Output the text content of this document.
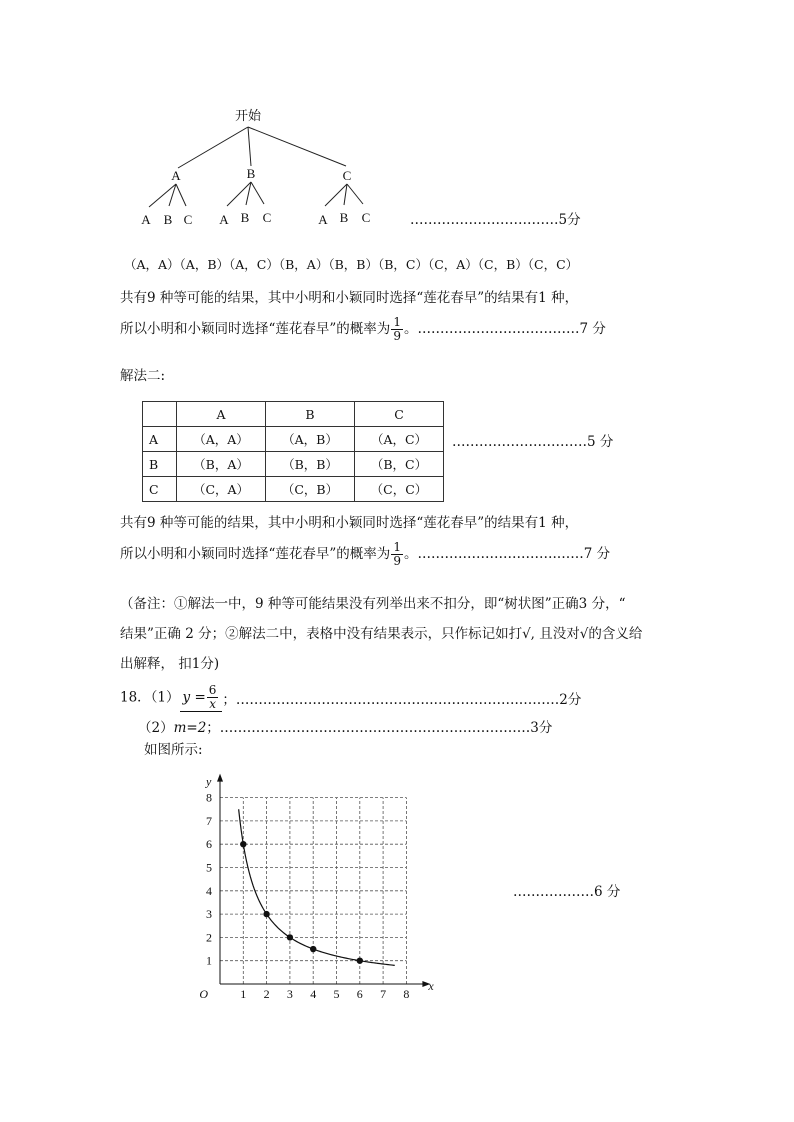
开始
A	B	C
A B C A B C	A B C	……………………………5分
（A，A）（A，B）（A，C）（B，A）（B，B）（B，C）（C，A）（C，B）（C，C）
共有9 种等可能的结果，其中小明和小颖同时选择“莲花春早”的结果有1 种，
所以小明和小颖同时选择“莲花春早”的概率为 $\frac{1}{9}$ 。………………………………7 分
解法二:
	A	B	C
A	（A，A）	（A，B）	（A，C）
B	（B，A）	（B，B）	（B，C）
C	（C，A）	（C，B）	（C，C）
…………………………5 分
共有9 种等可能的结果，其中小明和小颖同时选择“莲花春早”的结果有1 种，
所以小明和小颖同时选择“莲花春早”的概率为 $\frac{1}{9}$ 。………………………….……7 分
（备注：①解法一中，9 种等可能结果没有列举出来不扣分，即“树状图”正确3 分，“
结果”正确 2 分；②解法二中，表格中没有结果表示，只作标记如打√, 且没对√的含义给
出解释， 扣1分)
18．（1） $y = \frac{6}{x}$ ；……………………………………..……………….………2分
（2）m=2；……………………………………………………………3分
如图所示:
1 2 3 4 5 6 7 8
1
2
3
4
5
6
7
8
O
x
y
………………6 分
